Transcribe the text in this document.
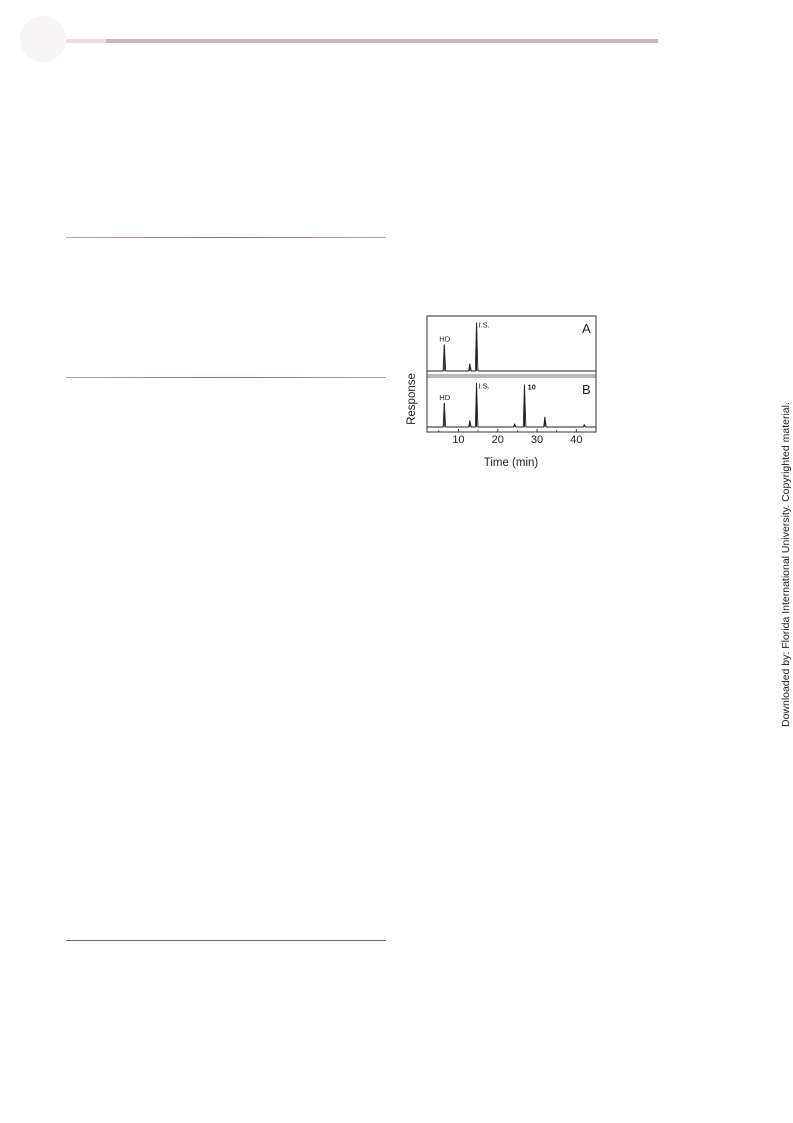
Downloaded by: Florida International University. Copyrighted material.
HD
I.S.	A
HD
I.S.	10	B
10 20 30 40
Response
Time (min)
